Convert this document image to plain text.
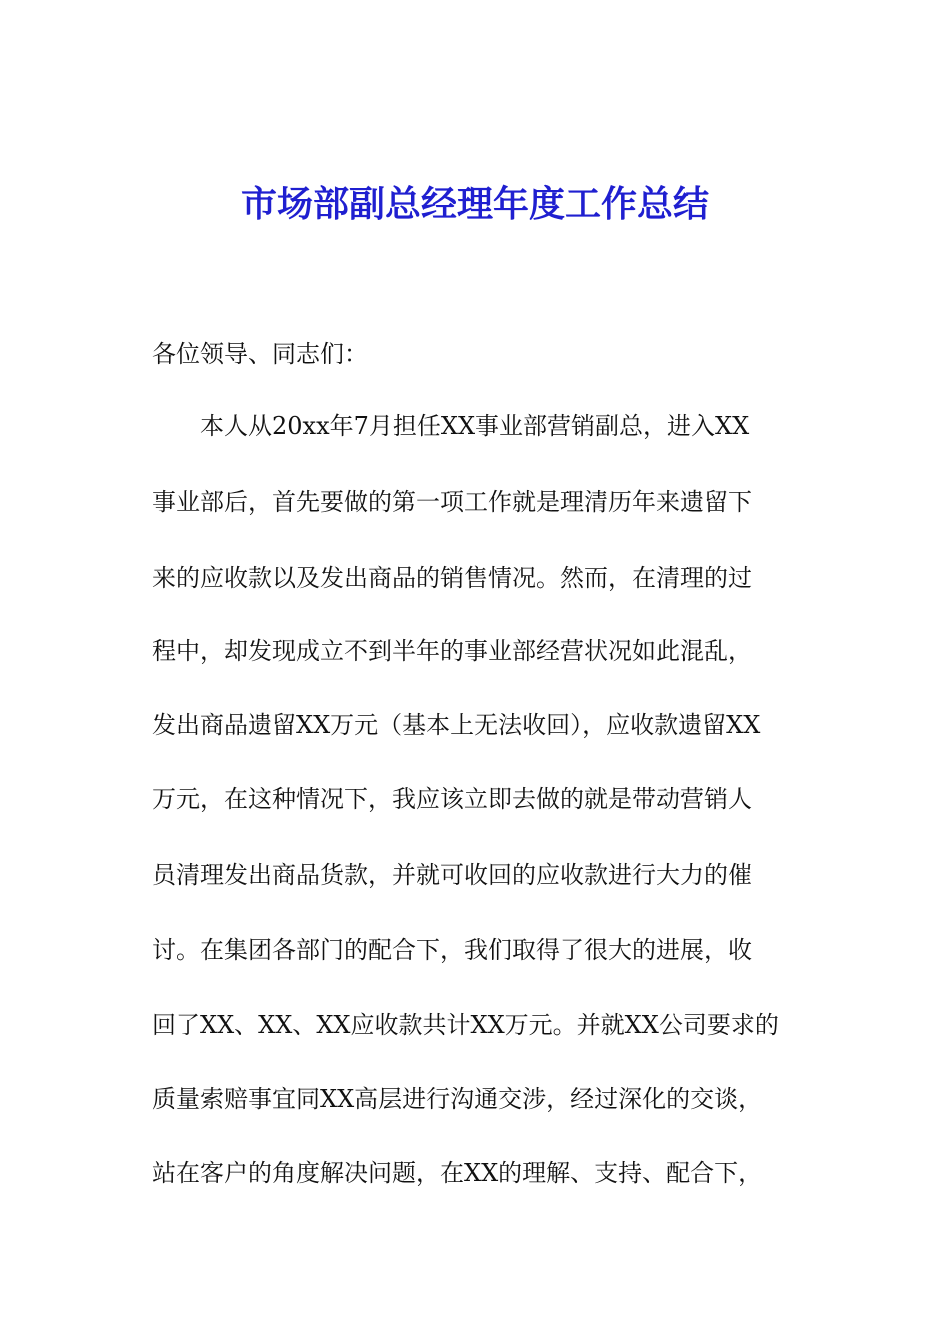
市场部副总经理年度工作总结
各位领导、同志们：
本人从20xx年7月担任XX事业部营销副总，进入XX
事业部后，首先要做的第一项工作就是理清历年来遗留下
来的应收款以及发出商品的销售情况。然而，在清理的过
程中，却发现成立不到半年的事业部经营状况如此混乱，
发出商品遗留XX万元（基本上无法收回），应收款遗留XX
万元，在这种情况下，我应该立即去做的就是带动营销人
员清理发出商品货款，并就可收回的应收款进行大力的催
讨。在集团各部门的配合下，我们取得了很大的进展，收
回了XX、XX、XX应收款共计XX万元。并就XX公司要求的
质量索赔事宜同XX高层进行沟通交涉，经过深化的交谈，
站在客户的角度解决问题，在XX的理解、支持、配合下，
